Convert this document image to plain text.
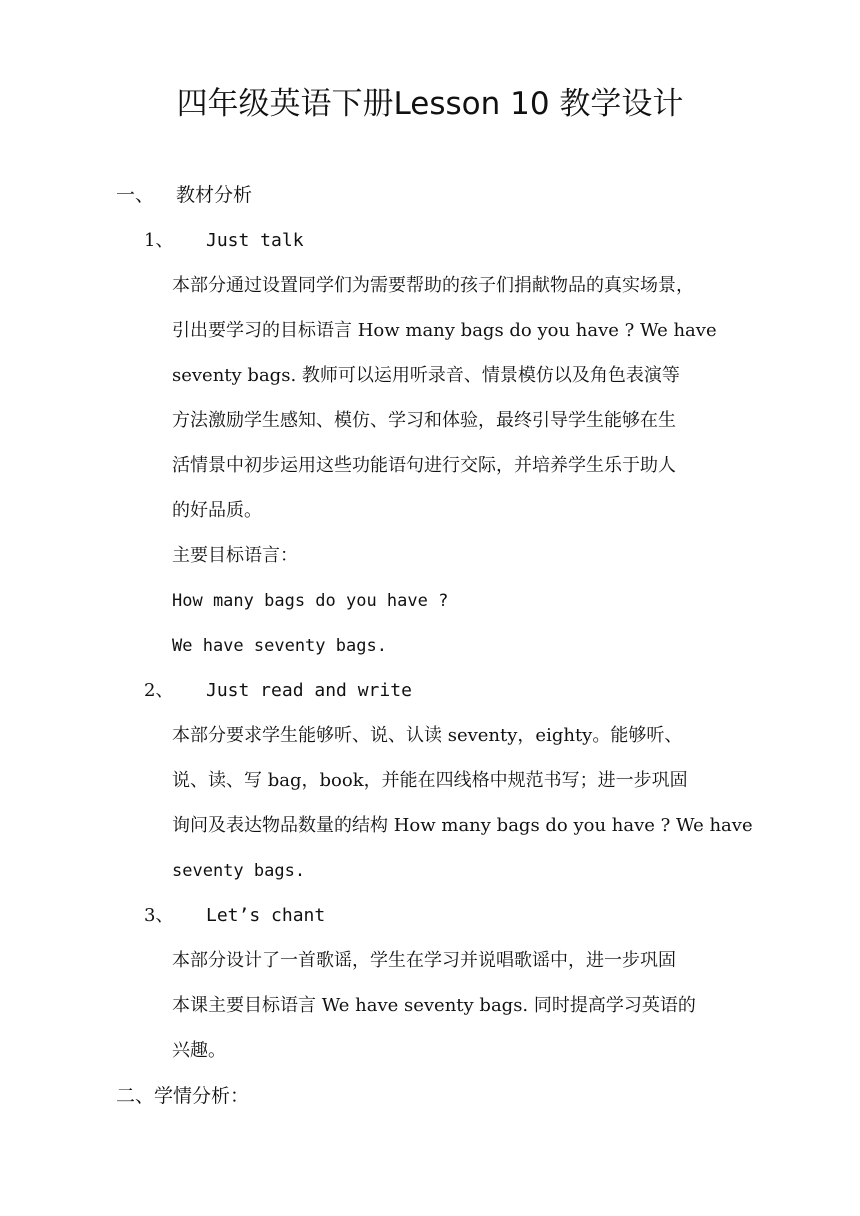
四年级英语下册Lesson 10 教学设计
一、 教材分析
1、 Just talk
本部分通过设置同学们为需要帮助的孩子们捐献物品的真实场景，
引出要学习的目标语言 How many bags do you have ? We have
seventy bags. 教师可以运用听录音、情景模仿以及角色表演等
方法激励学生感知、模仿、学习和体验，最终引导学生能够在生
活情景中初步运用这些功能语句进行交际，并培养学生乐于助人
的好品质。
主要目标语言：
How many bags do you have ?
We have seventy bags.
2、 Just read and write
本部分要求学生能够听、说、认读 seventy，eighty。能够听、
说、读、写 bag，book，并能在四线格中规范书写；进一步巩固
询问及表达物品数量的结构 How many bags do you have ? We have
seventy bags.
3、 Let’s chant
本部分设计了一首歌谣，学生在学习并说唱歌谣中，进一步巩固
本课主要目标语言 We have seventy bags. 同时提高学习英语的
兴趣。
二、学情分析：
